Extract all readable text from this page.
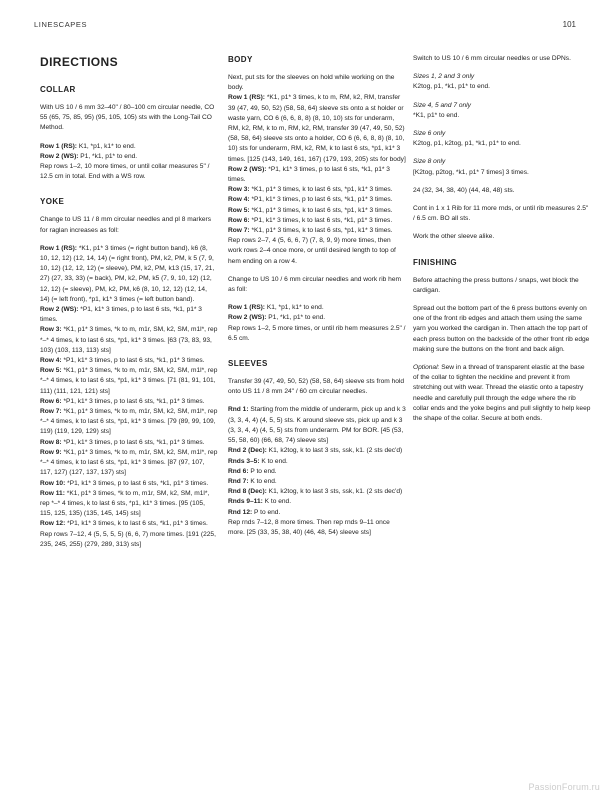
LINESCAPES	101
DIRECTIONS
COLLAR

With US 10 / 6 mm 32–40" / 80–100 cm circular needle, CO 55 (65, 75, 85, 95) (95, 105, 105) sts with the Long-Tail CO Method.

Row 1 (RS): K1, *p1, k1* to end.

Row 2 (WS): P1, *k1, p1* to end.

Rep rows 1–2, 10 more times, or until collar measures 5" / 12.5 cm in total. End with a WS row.

YOKE

Change to US 11 / 8 mm circular needles and pl 8 markers for raglan increases as foll:

Row 1 (RS): *K1, p1* 3 times (= right button band), k6 (8, 10, 12, 12) (12, 14, 14) (= right front), PM, k2, PM, k 5 (7, 9, 10, 12) (12, 12, 12) (= sleeve), PM, k2, PM, k13 (15, 17, 21, 27) (27, 33, 33) (= back), PM, k2, PM, k5 (7, 9, 10, 12) (12, 12, 12) (= sleeve), PM, k2, PM, k6 (8, 10, 12, 12) (12, 14, 14) (= left front), *p1, k1* 3 times (= left button band).

Row 2 (WS): *P1, k1* 3 times, p to last 6 sts, *k1, p1* 3 times.

Row 3: *K1, p1* 3 times, *k to m, m1r, SM, k2, SM, m1l*, rep *–* 4 times, k to last 6 sts, *p1, k1* 3 times. [63 (73, 83, 93, 103) (103, 113, 113) sts]

Row 4: *P1, k1* 3 times, p to last 6 sts, *k1, p1* 3 times.

Row 5: *K1, p1* 3 times, *k to m, m1r, SM, k2, SM, m1l*, rep *–* 4 times, k to last 6 sts, *p1, k1* 3 times. [71 (81, 91, 101, 111) (111, 121, 121) sts]

Row 6: *P1, k1* 3 times, p to last 6 sts, *k1, p1* 3 times.

Row 7: *K1, p1* 3 times, *k to m, m1r, SM, k2, SM, m1l*, rep *–* 4 times, k to last 6 sts, *p1, k1* 3 times. [79 (89, 99, 109, 119) (119, 129, 129) sts]

Row 8: *P1, k1* 3 times, p to last 6 sts, *k1, p1* 3 times.

Row 9: *K1, p1* 3 times, *k to m, m1r, SM, k2, SM, m1l*, rep *–* 4 times, k to last 6 sts, *p1, k1* 3 times. [87 (97, 107, 117, 127) (127, 137, 137) sts]

Row 10: *P1, k1* 3 times, p to last 6 sts, *k1, p1* 3 times.

Row 11: *K1, p1* 3 times, *k to m, m1r, SM, k2, SM, m1l*, rep *–* 4 times, k to last 6 sts, *p1, k1* 3 times. [95 (105, 115, 125, 135) (135, 145, 145) sts]

Row 12: *P1, k1* 3 times, k to last 6 sts, *k1, p1* 3 times.

Rep rows 7–12, 4 (5, 5, 5, 5) (6, 6, 7) more times. [191 (225, 235, 245, 255) (279, 289, 313) sts]

BODY

Next, put sts for the sleeves on hold while working on the body.

Row 1 (RS): *K1, p1* 3 times, k to m, RM, k2, RM, transfer 39 (47, 49, 50, 52) (58, 58, 64) sleeve sts onto a st holder or waste yarn, CO 6 (6, 6, 8, 8) (8, 10, 10) sts for underarm, RM, k2, RM, k to m, RM, k2, RM, transfer 39 (47, 49, 50, 52) (58, 58, 64) sleeve sts onto a holder, CO 6 (6, 6, 8, 8) (8, 10, 10) sts for underarm, RM, k2, RM, k to last 6 sts, *p1, k1* 3 times. [125 (143, 149, 161, 167) (179, 193, 205) sts for body]

Row 2 (WS): *P1, k1* 3 times, p to last 6 sts, *k1, p1* 3 times.

Row 3: *K1, p1* 3 times, k to last 6 sts, *p1, k1* 3 times.

Row 4: *P1, k1* 3 times, p to last 6 sts, *k1, p1* 3 times.

Row 5: *K1, p1* 3 times, k to last 6 sts, *p1, k1* 3 times.

Row 6: *P1, k1* 3 times, k to last 6 sts, *k1, p1* 3 times.

Row 7: *K1, p1* 3 times, k to last 6 sts, *p1, k1* 3 times.

Rep rows 2–7, 4 (5, 6, 6, 7) (7, 8, 9, 9) more times, then work rows 2–4 once more, or until desired length to top of hem ending on a row 4.

Change to US 10 / 6 mm circular needles and work rib hem as foll:

Row 1 (RS): K1, *p1, k1* to end.

Row 2 (WS): P1, *k1, p1* to end.

Rep rows 1–2, 5 more times, or until rib hem measures 2.5" / 6.5 cm.

SLEEVES

Transfer 39 (47, 49, 50, 52) (58, 58, 64) sleeve sts from hold onto US 11 / 8 mm 24" / 60 cm circular needles.

Rnd 1: Starting from the middle of underarm, pick up and k 3 (3, 3, 4, 4) (4, 5, 5) sts. K around sleeve sts, pick up and k 3 (3, 3, 4, 4) (4, 5, 5) sts from underarm. PM for BOR. [45 (53, 55, 58, 60) (66, 68, 74) sleeve sts]

Rnd 2 (Dec): K1, k2tog, k to last 3 sts, ssk, k1. (2 sts dec'd)

Rnds 3–5: K to end.

Rnd 6: P to end.

Rnd 7: K to end.

Rnd 8 (Dec): K1, k2tog, k to last 3 sts, ssk, k1. (2 sts dec'd)

Rnds 9–11: K to end.

Rnd 12: P to end.

Rep rnds 7–12, 8 more times. Then rep rnds 9–11 once more. [25 (33, 35, 38, 40) (46, 48, 54) sleeve sts]

Switch to US 10 / 6 mm circular needles or use DPNs.

Sizes 1, 2 and 3 only

K2tog, p1, *k1, p1* to end.

Size 4, 5 and 7 only

*K1, p1* to end.

Size 6 only

K2tog, p1, k2tog, p1, *k1, p1* to end.

Size 8 only

[K2tog, p2tog, *k1, p1* 7 times] 3 times.

24 (32, 34, 38, 40) (44, 48, 48) sts.

Cont in 1 x 1 Rib for 11 more rnds, or until rib measures 2.5" / 6.5 cm. BO all sts.

Work the other sleeve alike.

FINISHING

Before attaching the press buttons / snaps, wet block the cardigan.

Spread out the bottom part of the 6 press buttons evenly on one of the front rib edges and attach them using the same yarn you worked the cardigan in. Then attach the top part of each press button on the backside of the other front rib edge making sure the buttons on the front and back align.

Optional: Sew in a thread of transparent elastic at the base of the collar to tighten the neckline and prevent it from stretching out with wear. Thread the elastic onto a tapestry needle and carefully pull through the edge where the rib collar ends and the yoke begins and pull slightly to help keep the shape of the collar. Secure at both ends.

PassionForum.ru
